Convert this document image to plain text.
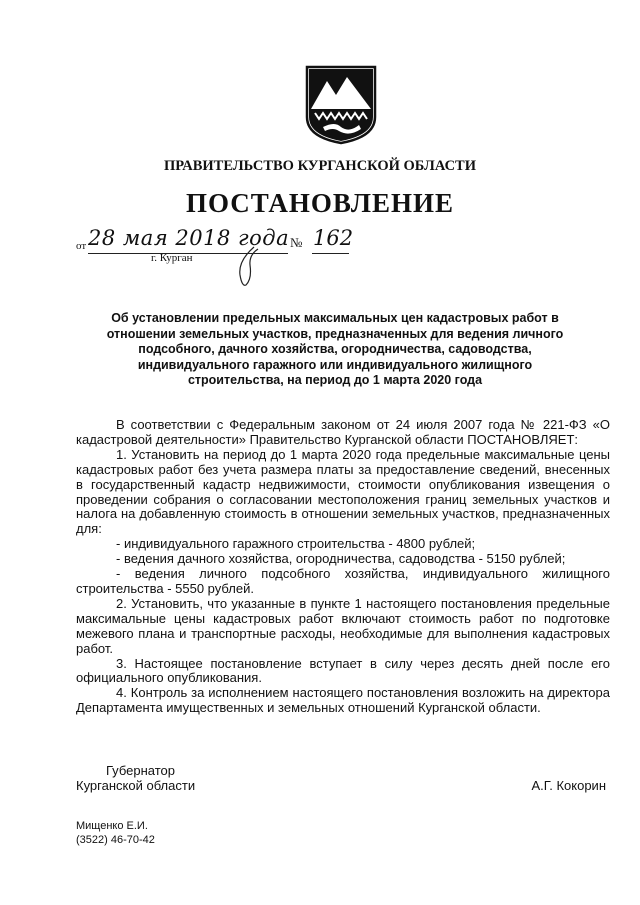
ПРАВИТЕЛЬСТВО КУРГАНСКОЙ ОБЛАСТИ
ПОСТАНОВЛЕНИЕ
от 28 мая 2018 года № 162
г. Курган
Об установлении предельных максимальных цен кадастровых работ в
отношении земельных участков, предназначенных для ведения личного
подсобного, дачного хозяйства, огородничества, садоводства,
индивидуального гаражного или индивидуального жилищного
строительства, на период до 1 марта 2020 года

В соответствии с Федеральным законом от 24 июля 2007 года № 221-ФЗ «О кадастровой деятельности» Правительство Курганской области ПОСТАНОВЛЯЕТ:

1. Установить на период до 1 марта 2020 года предельные максимальные цены кадастровых работ без учета размера платы за предоставление сведений, внесенных в государственный кадастр недвижимости, стоимости опубликования извещения о проведении собрания о согласовании местоположения границ земельных участков и налога на добавленную стоимость в отношении земельных участков, предназначенных для:

- индивидуального гаражного строительства - 4800 рублей;

- ведения дачного хозяйства, огородничества, садоводства - 5150 рублей;

- ведения личного подсобного хозяйства, индивидуального жилищного строительства - 5550 рублей.

2. Установить, что указанные в пункте 1 настоящего постановления предельные максимальные цены кадастровых работ включают стоимость работ по подготовке межевого плана и транспортные расходы, необходимые для выполнения кадастровых работ.

3. Настоящее постановление вступает в силу через десять дней после его официального опубликования.

4. Контроль за исполнением настоящего постановления возложить на директора Департамента имущественных и земельных отношений Курганской области.

Губернатор
Курганской области	А.Г. Кокорин
Мищенко Е.И.
(3522) 46-70-42
